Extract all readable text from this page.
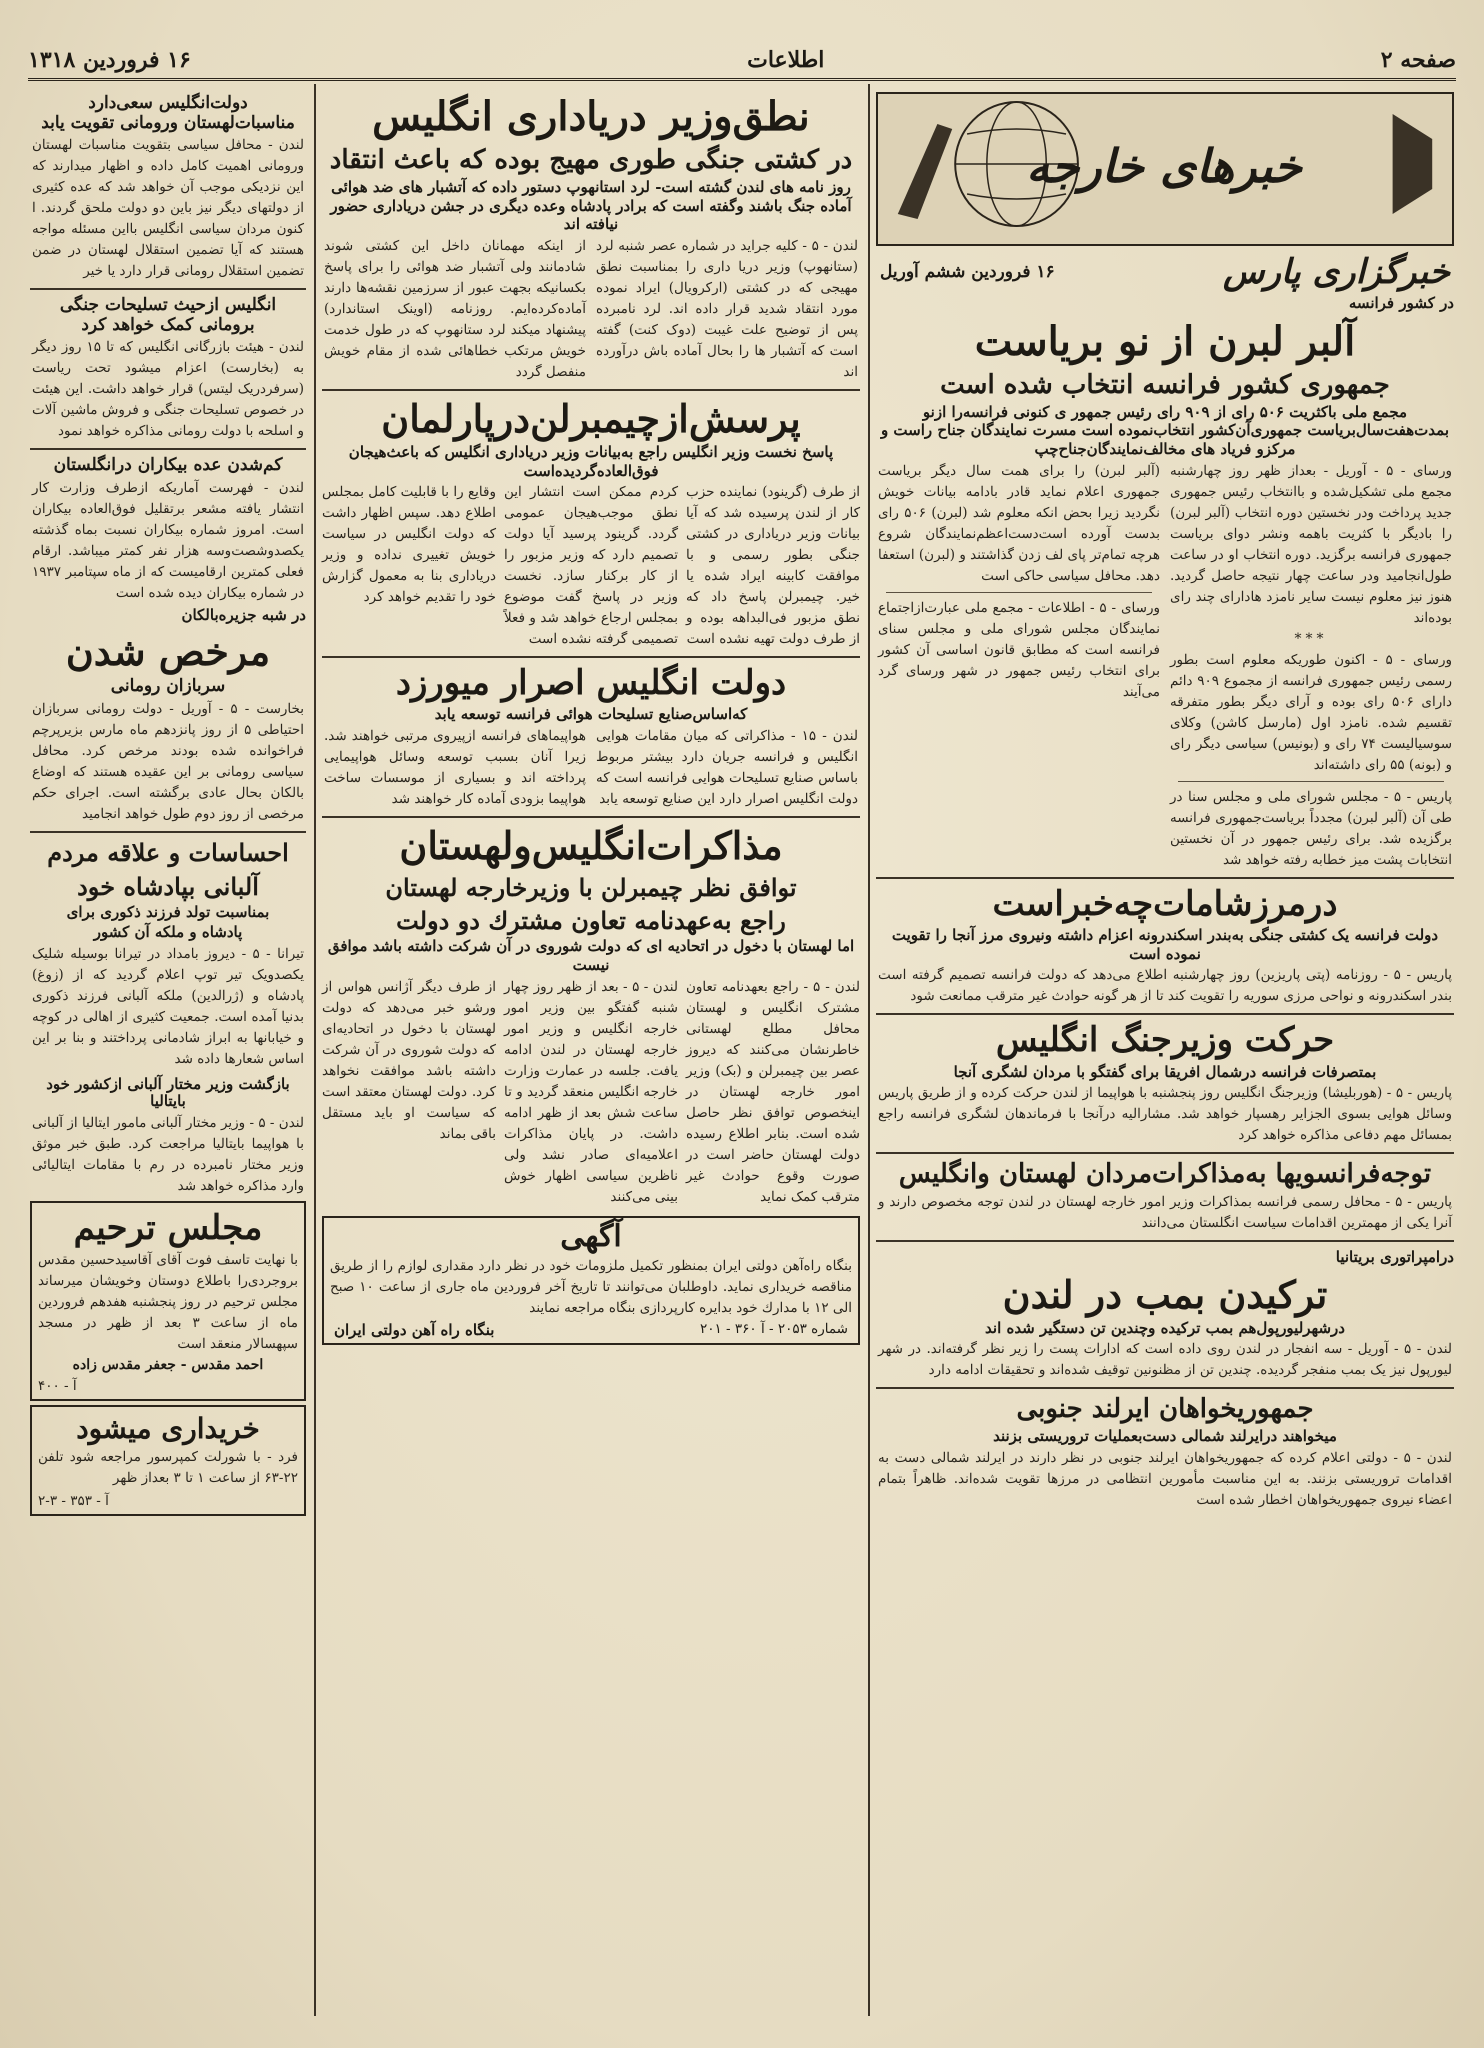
صفحه ۲
اطلاعات
۱۶ فروردین ۱۳۱۸
خبرهای خارجه
خبرگزاری پارس
۱۶ فروردین ششم آوریل
در کشور فرانسه
آلبر لبرن از نو برياست
جمهوری کشور فرانسه انتخاب شده است
مجمع ملی باکثریت ۵۰۶ رای از ۹۰۹ رای رئیس جمهور ی کنونی فرانسه‌را ازنو بمدت‌هفت‌سال‌بریاست جمهوری‌آن‌کشور انتخاب‌نمود‌ه است مسرت نمایندگان جناح راست و مرکزو فریاد های مخالف‌نمایندگان‌جناح‌چپ
ورسای - ۵ - آوریل - بعداز ظهر روز چهارشنبه مجمع ملی تشکیل‌شده و باانتخاب رئیس جمهوری جدید پرداخت ودر نخستین دوره انتخاب (آلبر لبرن) را بادیگر با کثریت باهمه ونشر دوای بریاست جمهوری فرانسه برگزید. دوره انتخاب او در ساعت طول‌انجامید ودر ساعت چهار نتیجه حاصل گردید. هنوز نیز معلوم نیست سایر نامزد هادارای چند رای بوده‌اند
***
ورسای - ۵ - اکنون طوریکه معلوم است بطور رسمی رئیس جمهوری فرانسه از مجموع ۹۰۹ دائم دارای ۵۰۶ رای بوده و آرای دیگر بطور متفرقه تقسیم شده. نامزد اول (مارسل کاشن) وکلای سوسیالیست ۷۴ رای و (بونیس) سیاسی دیگر رای و (بونه) ۵۵ رای داشته‌اند
پاریس - ۵ - مجلس شورای ملی و مجلس سنا در طی آن (آلبر لبرن) مجدداً بریاست‌جمهوری فرانسه برگزیده شد. برای رئیس جمهور در آن نخستین انتخابات پشت میز خطابه رفته خواهد شد
(آلبر لبرن) را برای همت سال دیگر بریاست جمهوری اعلام نماید قادر بادامه بیانات خویش نگردید زیرا بحض انکه معلوم شد (لبرن) ۵۰۶ رای بدست آورده است‌دست‌اعظم‌نمایندگان شروع هرچه تمام‌تر پای لف زدن گذاشتند و (لبرن) استعفا دهد. محافل سیاسی حاکی است
ورسای - ۵ - اطلاعات - مجمع ملی عبارت‌ازاجتماع نمایندگان مجلس شورای ملی و مجلس سنای فرانسه است که مطابق قانون اساسی آن کشور برای انتخاب رئیس جمهور در شهر ورسای گرد می‌آیند
درمرزشامات‌چه‌خبراست
دولت فرانسه یک کشتی جنگی به‌بندر اسکندرونه اعزام داشته ونیروی مرز آنجا را تقویت نموده است
پاریس - ۵ - روزنامه (پتی پاریزین) روز چهارشنبه اطلاع می‌دهد که دولت فرانسه تصمیم گرفته است بندر اسکندرونه و نواحی مرزی سوریه را تقویت کند تا از هر گونه حوادث غیر مترقب ممانعت شود
حرکت وزیرجنگ انگلیس
بمتصرفات فرانسه درشمال افریقا برای گفتگو با مردان لشگری آنجا
پاریس - ۵ - (هوربلیشا) وزیرجنگ انگلیس روز پنجشنبه با هواپیما از لندن حرکت کرده و از طریق پاریس وسائل هوایی بسوی الجزایر رهسپار خواهد شد. مشارالیه درآنجا با فرماندهان لشگری فرانسه راجع بمسائل مهم دفاعی مذاکره خواهد کرد
توجه‌فرانسویها به‌مذاکرات‌مردان لهستان وانگلیس
پاریس - ۵ - محافل رسمی فرانسه بمذاکرات وزیر امور خارجه لهستان در لندن توجه مخصوص دارند و آنرا یکی از مهمترین اقدامات سیاست انگلستان می‌دانند
درامپراتوری بریتانیا
ترکیدن بمب در لندن
درشهرلیورپول‌هم بمب ترکیده وچندین تن دستگیر شده اند
لندن - ۵ - آوریل - سه انفجار در لندن روی داده است که ادارات پست را زیر نظر گرفته‌اند. در شهر لیورپول نیز یک بمب منفجر گردیده. چندین تن از مظنونین توقیف شده‌اند و تحقیقات ادامه دارد
جمهوریخواهان ایرلند جنوبی
میخواهند درایرلند شمالی دست‌بعملیات تروریستی بزنند
لندن - ۵ - دولتی اعلام کرده که جمهوریخواهان ایرلند جنوبی در نظر دارند در ایرلند شمالی دست به اقدامات تروریستی بزنند. به این مناسبت مأمورین انتظامی در مرزها تقویت شده‌اند. ظاهراً بتمام اعضاء نیروی جمهوریخواهان اخطار شده است
نطق‌وزیر دریاداری انگلیس
در کشتی جنگی طوری مهیج بوده که باعث انتقاد
روز نامه های لندن گشته است- لرد استانهوپ دستور داده که آتشبار های ضد هوائی آماده جنگ باشند وگفته است که برادر پادشاه وعده دیگری در جشن دریاداری حضور نیافته اند
لندن - ۵ - کلیه جراید در شماره عصر شنبه لرد (ستانهوپ) وزیر دریا داری را بمناسبت نطق مهیجی که در کشتی (ارکرویال) ایراد نموده مورد انتقاد شدید قرار داده اند. لرد نامبرده پس از توضیح علت غیبت (دوک کنت) گفته است که آتشبار ها را بحال آماده باش درآورده اند
از اینکه مهمانان داخل این کشتی شوند شادمانند ولی آتشبار ضد هوائی را برای پاسخ بکسانیکه بجهت عبور از سرزمین نقشه‌ها دارند آماده‌کرده‌ایم. روزنامه (اوینک استاندارد) پیشنهاد میکند لرد ستانهوپ که در طول خدمت خویش مرتکب خطاهائی شده از مقام خویش منفصل گردد
پرسش‌ازچیمبرلن‌درپارلمان
پاسخ نخست وزیر انگلیس راجع به‌بیانات وزیر دریاداری انگلیس که باعث‌هیجان فوق‌العاده‌گردیده‌است
از طرف (گرینود) نماینده حزب کار از لندن پرسیده شد که آیا بیانات وزیر دریاداری در کشتی جنگی بطور رسمی و با موافقت کابینه ایراد شده یا خیر. چیمبرلن پاسخ داد که نطق مزبور فی‌البداهه بوده و از طرف دولت تهیه نشده است
کردم ممکن است انتشار این نطق موجب‌هیجان عمومی گردد. گرینود پرسید آیا دولت تصمیم دارد که وزیر مزبور را از کار برکنار سازد. نخست وزیر در پاسخ گفت موضوع بمجلس ارجاع خواهد شد و فعلاً تصمیمی گرفته نشده است
وقایع را با قابلیت کامل بمجلس اطلاع دهد. سپس اظهار داشت که دولت انگلیس در سیاست خویش تغییری نداده و وزیر دریاداری بنا به معمول گزارش خود را تقدیم خواهد کرد
دولت انگلیس اصرار میورزد
که‌اساس‌صنایع تسلیحات هوائی فرانسه توسعه یابد
لندن - ۱۵ - مذاکراتی که میان مقامات هوایی انگلیس و فرانسه جریان دارد بیشتر مربوط باساس صنایع تسلیحات هوایی فرانسه است که دولت انگلیس اصرار دارد این صنایع توسعه یابد
هواپیماهای فرانسه ازپیروی مرتبی خواهند شد. زیرا آنان بسبب توسعه وسائل هواپیمایی پرداخته اند و بسیاری از موسسات ساخت هواپیما بزودی آماده کار خواهند شد
مذاکرات‌انگلیس‌ولهستان
توافق نظر چیمبرلن با وزیرخارجه لهستان
راجع به‌عهدنامه تعاون مشترك دو دولت
اما لهستان با دخول در اتحادیه ای که دولت شوروی در آن شرکت داشته باشد موافق نیست
لندن - ۵ - راجع بعهدنامه تعاون مشترک انگلیس و لهستان محافل مطلع لهستانی خاطرنشان می‌کنند که دیروز عصر بین چیمبرلن و (بک) وزیر امور خارجه لهستان در اینخصوص توافق نظر حاصل شده است. بنابر اطلاع رسیده دولت لهستان حاضر است در صورت وقوع حوادث غیر مترقب کمک نماید
لندن - ۵ - بعد از ظهر روز چهار شنبه گفتگو بین وزیر امور خارجه انگلیس و وزیر امور خارجه لهستان در لندن ادامه یافت. جلسه در عمارت وزارت خارجه انگلیس منعقد گردید و تا ساعت شش بعد از ظهر ادامه داشت. در پایان مذاکرات اعلامیه‌ای صادر نشد ولی ناظرین سیاسی اظهار خوش بینی می‌کنند
از طرف دیگر آژانس هواس از ورشو خبر می‌دهد که دولت لهستان با دخول در اتحادیه‌ای که دولت شوروی در آن شرکت داشته باشد موافقت نخواهد کرد. دولت لهستان معتقد است که سیاست او باید مستقل باقی بماند
آگهی
بنگاه راه‌آهن دولتی ایران بمنظور تکمیل ملزومات خود در نظر دارد مقداری لوازم را از طریق مناقصه خریداری نماید. داوطلبان می‌توانند تا تاریخ آخر فروردین ماه جاری از ساعت ۱۰ صبح الی ۱۲ با مدارك خود بدایره کارپردازی بنگاه مراجعه نمایند
شماره ۲۰۵۳ - آ ۳۶۰ - ۲۰۱
بنگاه راه آهن دولتی ایران
دولت‌انگلیس سعی‌دارد مناسبات‌لهستان ورومانی تقویت یابد
لندن - محافل سیاسی بتقویت مناسبات لهستان ورومانی اهمیت کامل داده و اظهار میدارند که این نزدیکی موجب آن خواهد شد که عده کثیری از دولتهای دیگر نیز باین دو دولت ملحق گردند. ا کنون مردان سیاسی انگلیس بااین مسئله مواجه هستند که آیا تضمین استقلال لهستان در ضمن تضمین استقلال رومانی قرار دارد یا خیر
انگلیس ازحیث تسلیحات جنگی برومانی کمک خواهد کرد
لندن - هیئت بازرگانی انگلیس که تا ۱۵ روز دیگر به (بخارست) اعزام میشود تحت ریاست (سرفردریک لیتس) قرار خواهد داشت. این هیئت در خصوص تسلیحات جنگی و فروش ماشین آلات و اسلحه با دولت رومانی مذاکره خواهد نمود
کم‌شدن عده بیکاران در‌انگلستان
لندن - فهرست آماریکه ازطرف وزارت کار انتشار یافته مشعر برتقلیل فوق‌العاده بیکاران است. امروز شماره بیکاران نسبت بماه گذشته یکصدوشصت‌وسه‌ هزار نفر کمتر میباشد. ارقام فعلی کمترین ارقامیست که از ماه سپتامبر ۱۹۳۷ در شماره بیکاران دیده شده است
در شبه جزیره‌بالکان
مرخص شدن
سربازان رومانی
بخارست - ۵ - آوریل - دولت رومانی سربازان احتیاطی ۵ از روز پانزدهم ماه مارس بزیرپرچم فراخوانده شده بودند مرخص کرد. محافل سیاسی رومانی بر این عقیده هستند که اوضاع بالکان بحال عادی برگشته است. اجرای حکم مرخصی از روز دوم طول خواهد انجامید
احساسات و علاقه مردم
آلبانی بپادشاه خود
بمناسبت تولد فرزند ذکوری برای
پادشاه و ملکه آن کشور
تیرانا - ۵ - دیروز بامداد در تیرانا بوسیله شلیک یکصدویک تیر توپ اعلام گردید که از (زوغ) پادشاه و (ژرالدین) ملکه آلبانی فرزند ذکوری بدنیا آمده است. جمعیت کثیری از اهالی در کوچه و خیابانها به ابراز شادمانی پرداختند و بنا بر این اساس شعارها داده شد
بازگشت وزیر مختار آلبانی ازکشور خود بایتالیا
لندن - ۵ - وزیر مختار آلبانی مامور ایتالیا از آلبانی با هواپیما بایتالیا مراجعت کرد. طبق خبر موثق وزیر مختار نامبرده در رم با مقامات ایتالیائی وارد مذاکره خواهد شد
مجلس ترحیم
با نهایت تاسف فوت آقای آقاسیدحسین مقدس بروجردی‌را باطلاع دوستان وخویشان میرساند مجلس ترحیم در روز پنجشنبه هفدهم فروردین ماه از ساعت ۳ بعد از ظهر در مسجد سپهسالار منعقد است
احمد مقدس - جعفر مقدس زاده
آ - ۴۰۰
خریداری میشود
فرد - با شورلت کمپرسور مراجعه شود تلفن ۲۲-۶۳ از ساعت ۱ تا ۳ بعداز ظهر
آ - ۳۵۳ - ۳-۲
